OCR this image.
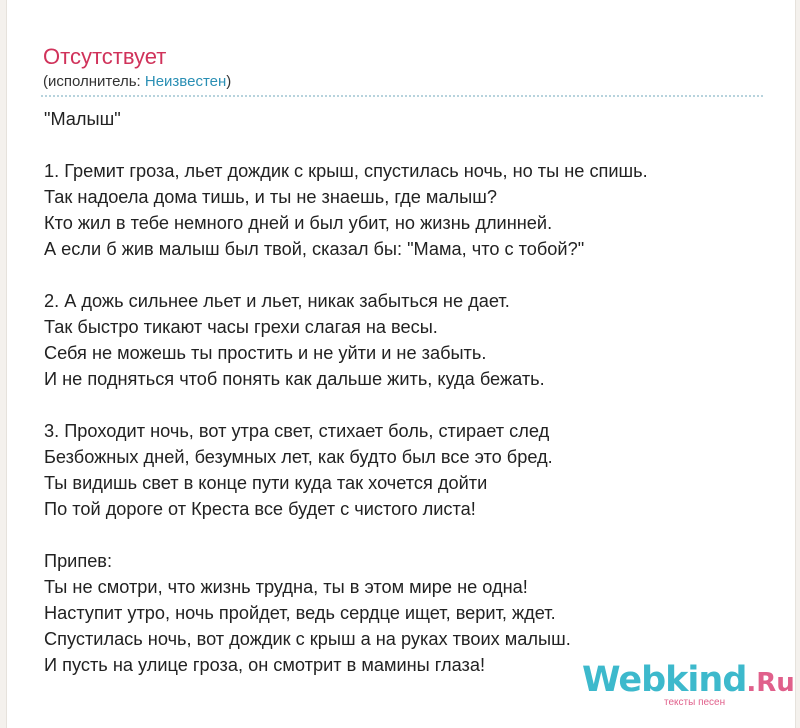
Отсутствует
(исполнитель: Неизвестен)
"Малыш"
1. Гремит гроза, льет дождик с крыш, спустилась ночь, но ты не спишь.
Так надоела дома тишь, и ты не знаешь, где малыш?
Кто жил в тебе немного дней и был убит, но жизнь длинней.
А если б жив малыш был твой, сказал бы: "Мама, что с тобой?"
2. А дожь сильнее льет и льет, никак забыться не дает.
Так быстро тикают часы грехи слагая на весы.
Себя не можешь ты простить и не уйти и не забыть.
И не подняться чтоб понять как дальше жить, куда бежать.
3. Проходит ночь, вот утра свет, стихает боль, стирает след
Безбожных дней, безумных лет, как будто был все это бред.
Ты видишь свет в конце пути куда так хочется дойти
По той дороге от Креста все будет с чистого листа!
Припев:
Ты не смотри, что жизнь трудна, ты в этом мире не одна!
Наступит утро, ночь пройдет, ведь сердце ищет, верит, ждет.
Спустилась ночь, вот дождик с крыш а на руках твоих малыш.
И пусть на улице гроза, он смотрит в мамины глаза!	Webkind.Ru
тексты песен
